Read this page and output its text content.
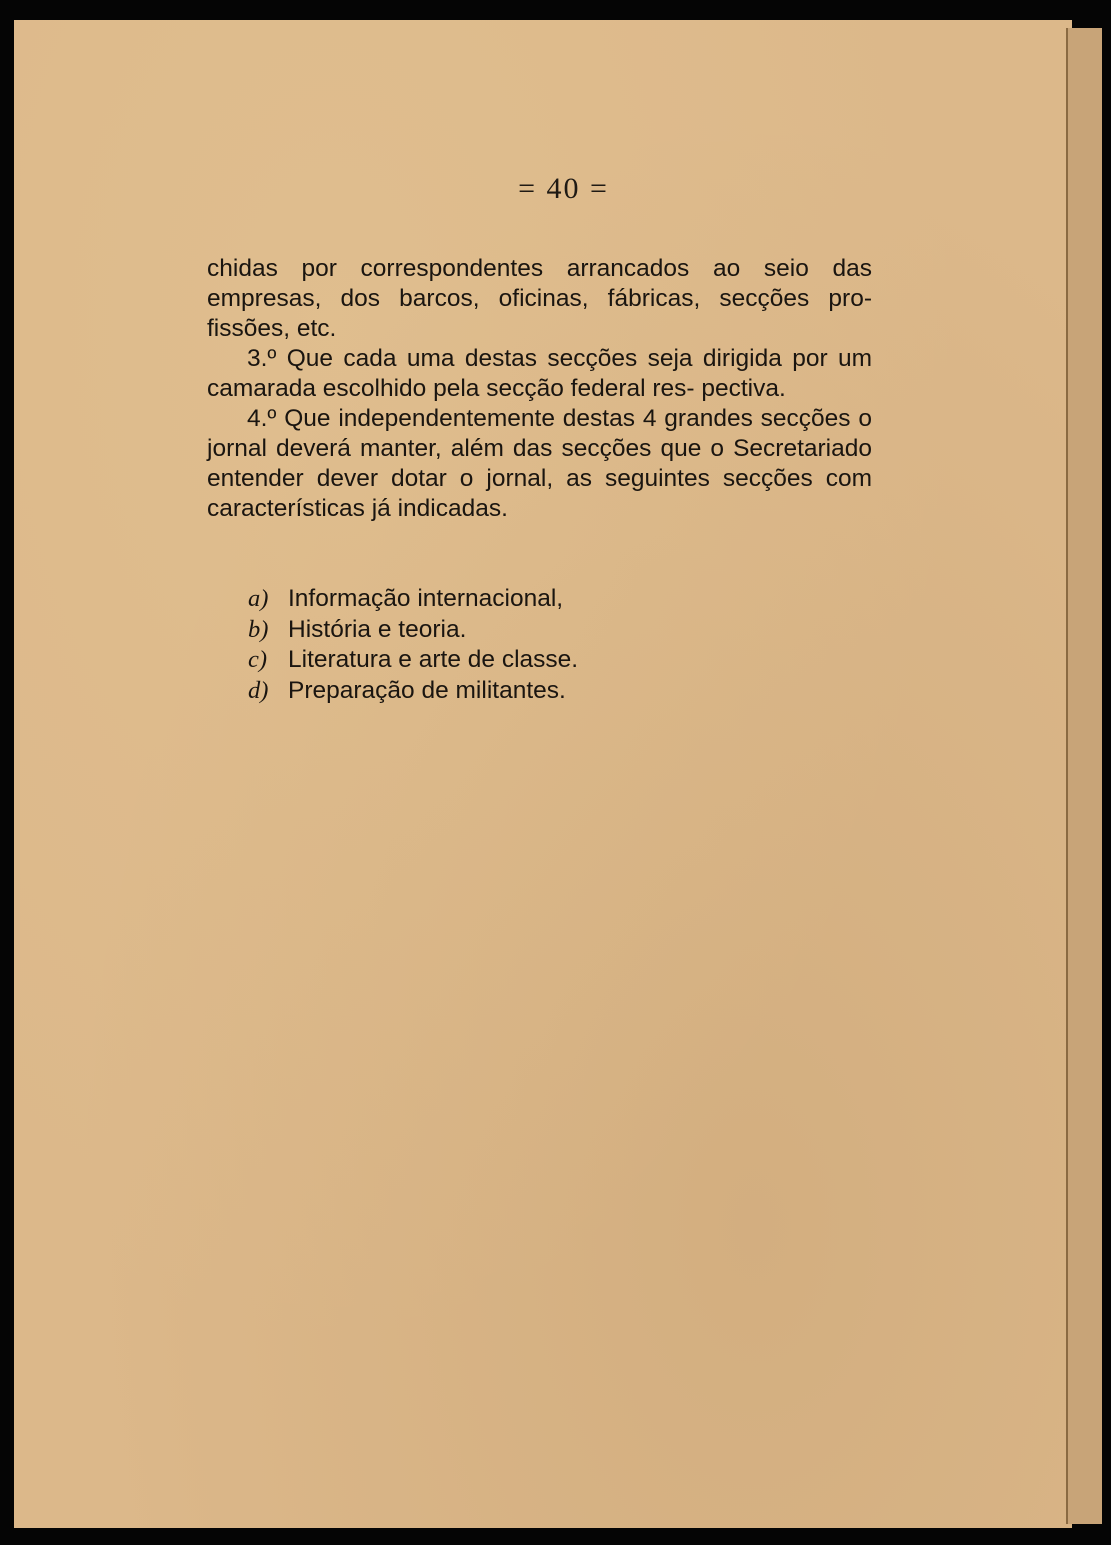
= 40 =

chidas por correspondentes arrancados ao seio das empresas, dos barcos, oficinas, fábricas, secções pro- fissões, etc.

3.º Que cada uma destas secções seja dirigida por um camarada escolhido pela secção federal res- pectiva.

4.º Que independentemente destas 4 grandes secções o jornal deverá manter, além das secções que o Secretariado entender dever dotar o jornal, as seguintes secções com características já indicadas.

a) Informação internacional,
b) História e teoria.
c) Literatura e arte de classe.
d) Preparação de militantes.
